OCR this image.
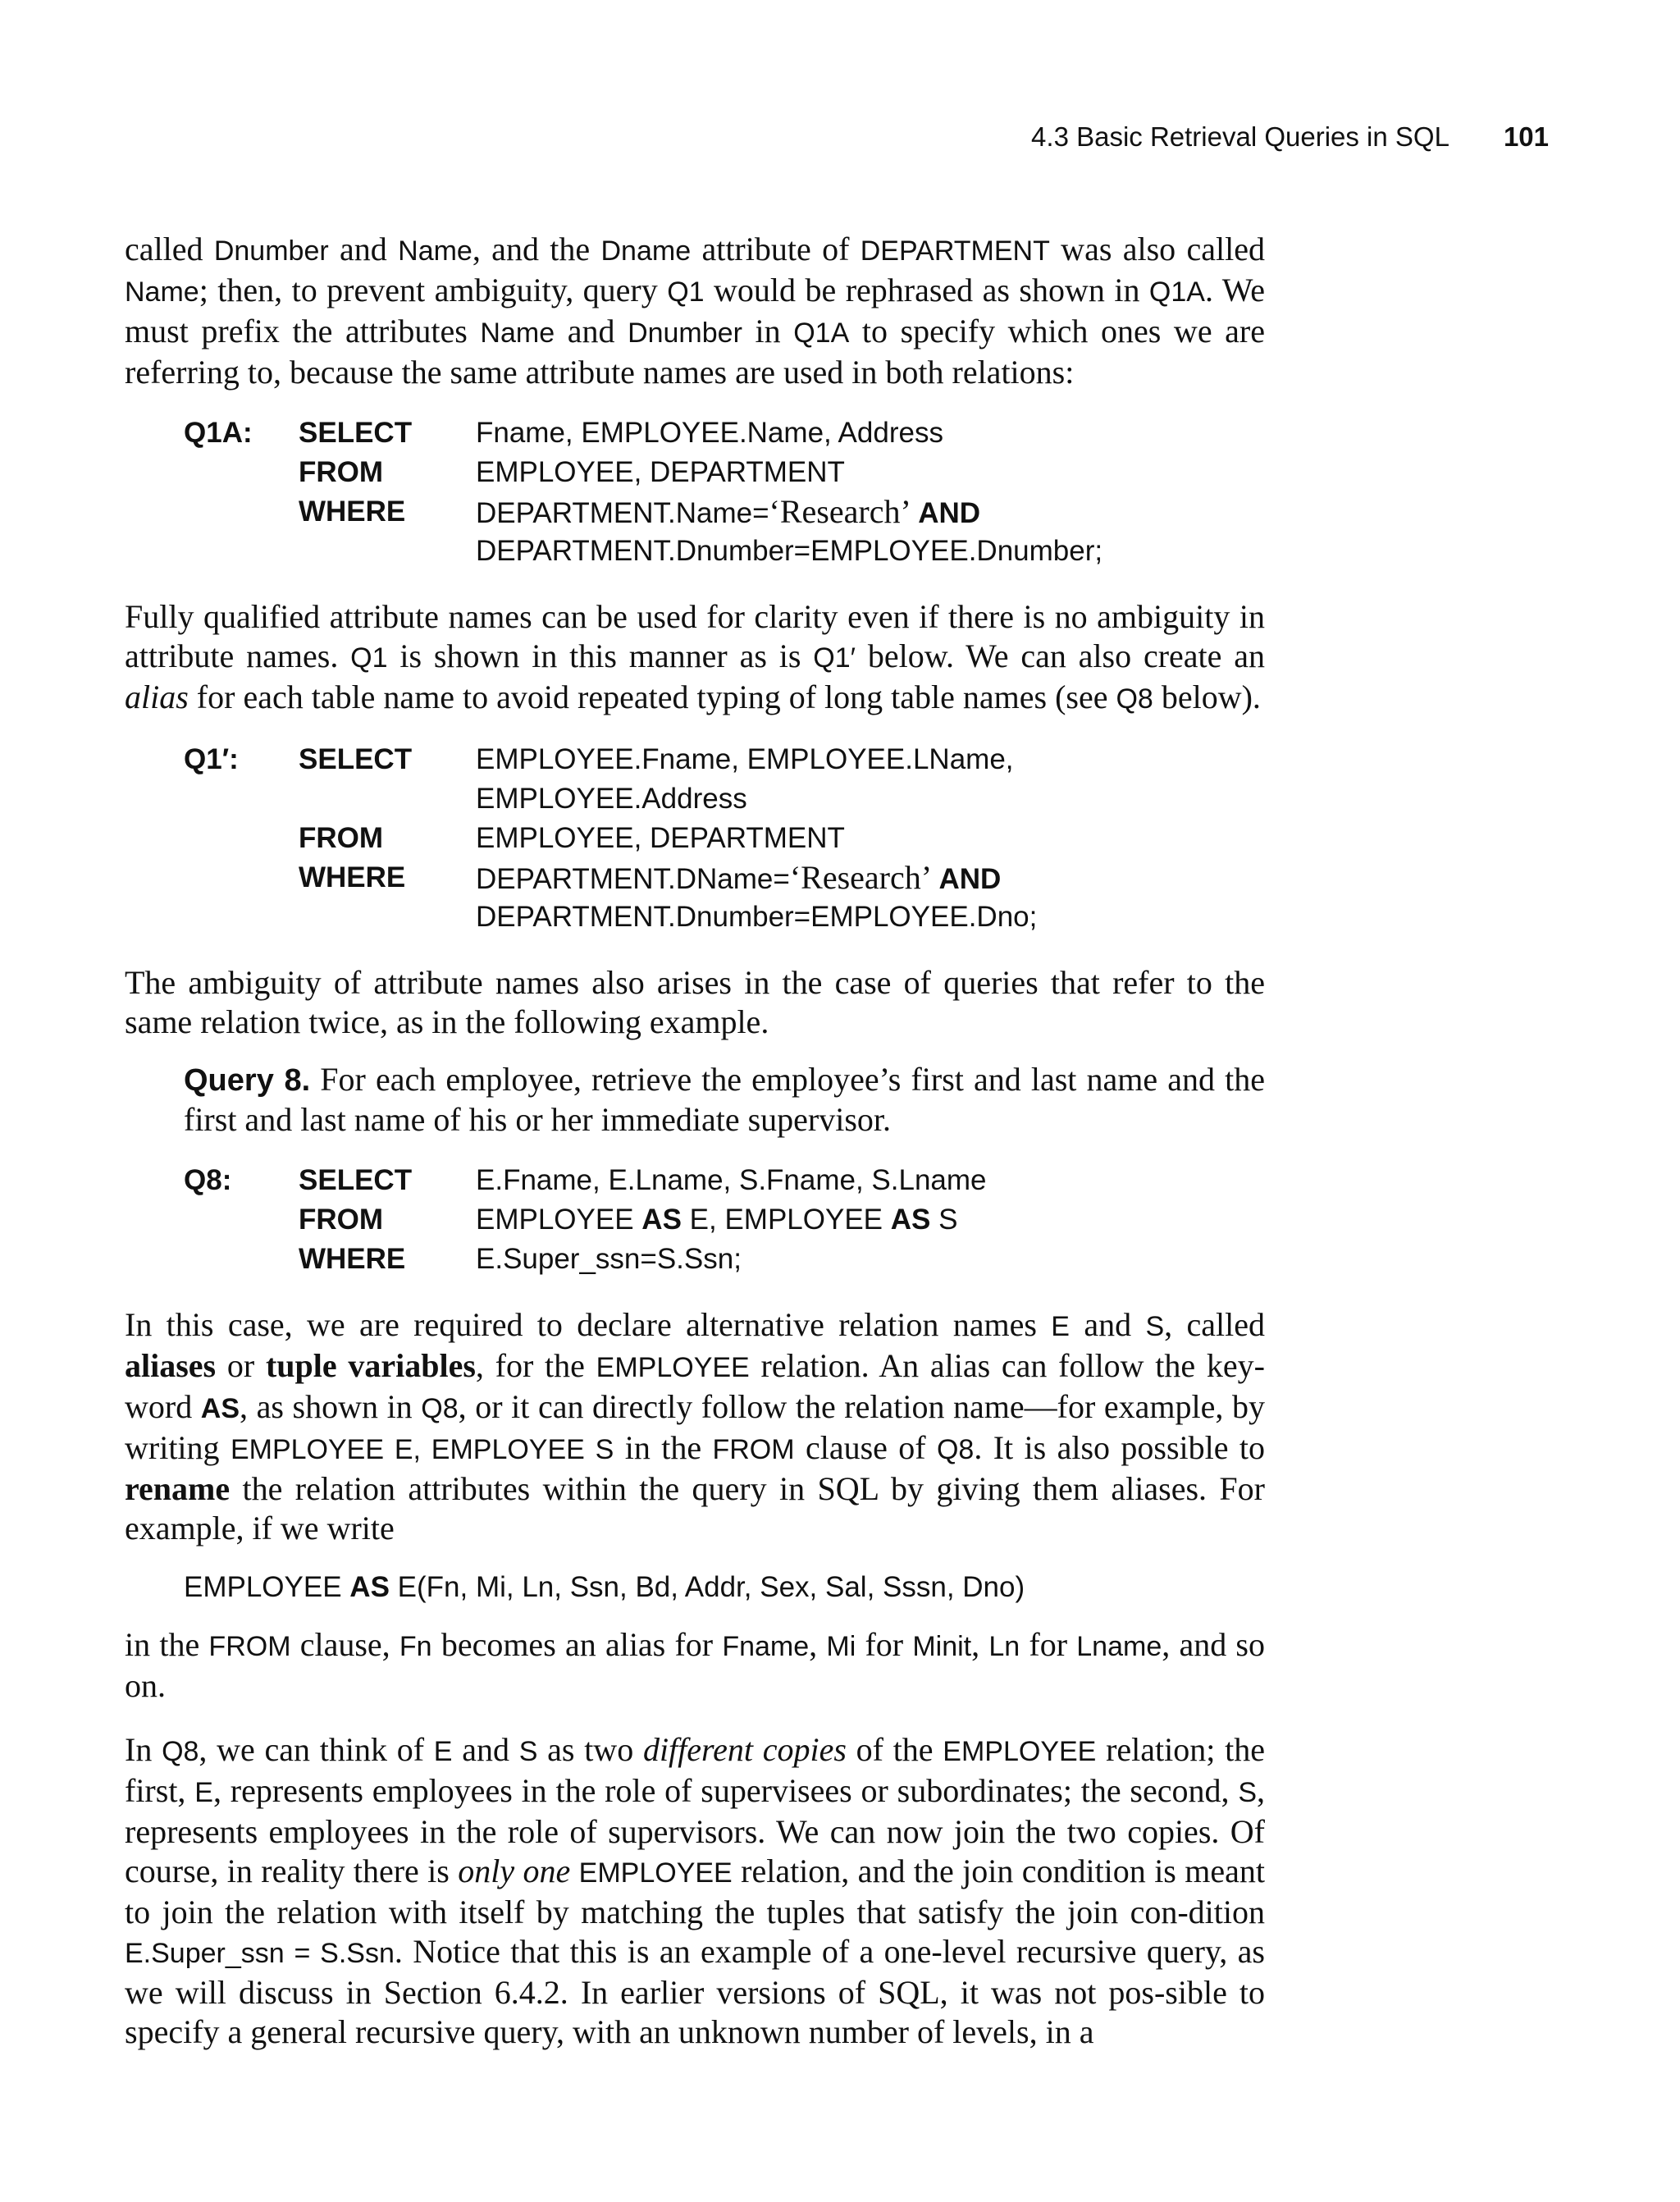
4.3 Basic Retrieval Queries in SQL 101

called Dnumber and Name, and the Dname attribute of DEPARTMENT was also called Name; then, to prevent ambiguity, query Q1 would be rephrased as shown in Q1A. We must prefix the attributes Name and Dnumber in Q1A to specify which ones we are referring to, because the same attribute names are used in both relations:

Q1A:	SELECT	Fname, EMPLOYEE.Name, Address
FROM	EMPLOYEE, DEPARTMENT
WHERE	DEPARTMENT.Name=‘Research’ AND
DEPARTMENT.Dnumber=EMPLOYEE.Dnumber;

Fully qualified attribute names can be used for clarity even if there is no ambiguity in attribute names. Q1 is shown in this manner as is Q1′ below. We can also create an alias for each table name to avoid repeated typing of long table names (see Q8 below).

Q1′:	SELECT	EMPLOYEE.Fname, EMPLOYEE.LName,
EMPLOYEE.Address
FROM	EMPLOYEE, DEPARTMENT
WHERE	DEPARTMENT.DName=‘Research’ AND
DEPARTMENT.Dnumber=EMPLOYEE.Dno;

The ambiguity of attribute names also arises in the case of queries that refer to the same relation twice, as in the following example.

Query 8. For each employee, retrieve the employee’s first and last name and the first and last name of his or her immediate supervisor.

Q8:	SELECT	E.Fname, E.Lname, S.Fname, S.Lname
FROM	EMPLOYEE AS E, EMPLOYEE AS S
WHERE	E.Super_ssn=S.Ssn;

In this case, we are required to declare alternative relation names E and S, called aliases or tuple variables, for the EMPLOYEE relation. An alias can follow the key-word AS, as shown in Q8, or it can directly follow the relation name—for example, by writing EMPLOYEE E, EMPLOYEE S in the FROM clause of Q8. It is also possible to rename the relation attributes within the query in SQL by giving them aliases. For example, if we write

EMPLOYEE AS E(Fn, Mi, Ln, Ssn, Bd, Addr, Sex, Sal, Sssn, Dno)

in the FROM clause, Fn becomes an alias for Fname, Mi for Minit, Ln for Lname, and so on.

In Q8, we can think of E and S as two different copies of the EMPLOYEE relation; the first, E, represents employees in the role of supervisees or subordinates; the second, S, represents employees in the role of supervisors. We can now join the two copies. Of course, in reality there is only one EMPLOYEE relation, and the join condition is meant to join the relation with itself by matching the tuples that satisfy the join con-dition E.Super_ssn = S.Ssn. Notice that this is an example of a one-level recursive query, as we will discuss in Section 6.4.2. In earlier versions of SQL, it was not pos-sible to specify a general recursive query, with an unknown number of levels, in a
